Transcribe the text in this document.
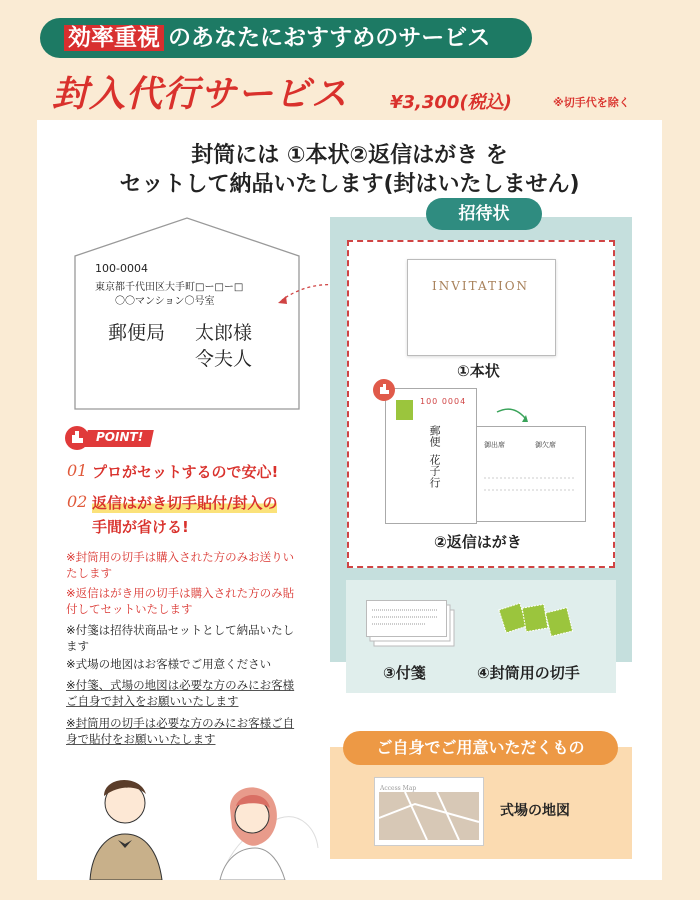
効率重視 のあなたにおすすめのサービス
封入代行サービス ¥3,300(税込)	※切手代を除く
封筒には ①本状②返信はがき を
セットして納品いたします(封はいたしません)
100-0004
東京都千代田区大手町□ー□ー□
〇〇マンション〇号室
郵便局 太郎様
令夫人
招待状
INVITATION
①本状
御出席	御欠席
100 0004
郵便
花子
行
②返信はがき
③付箋	④封筒用の切手
ご自身でご用意いただくもの
Access Map
式場の地図
POINT!
01 プロがセットするので安心!
02 返信はがき切手貼付/封入の
手間が省ける!
※封筒用の切手は購入された方のみお送りいたします
※返信はがき用の切手は購入された方のみ貼付してセットいたします
※付箋は招待状商品セットとして納品いたします
※式場の地図はお客様でご用意ください
※付箋、式場の地図は必要な方のみにお客様ご自身で封入をお願いいたします
※封筒用の切手は必要な方のみにお客様ご自身で貼付をお願いいたします
